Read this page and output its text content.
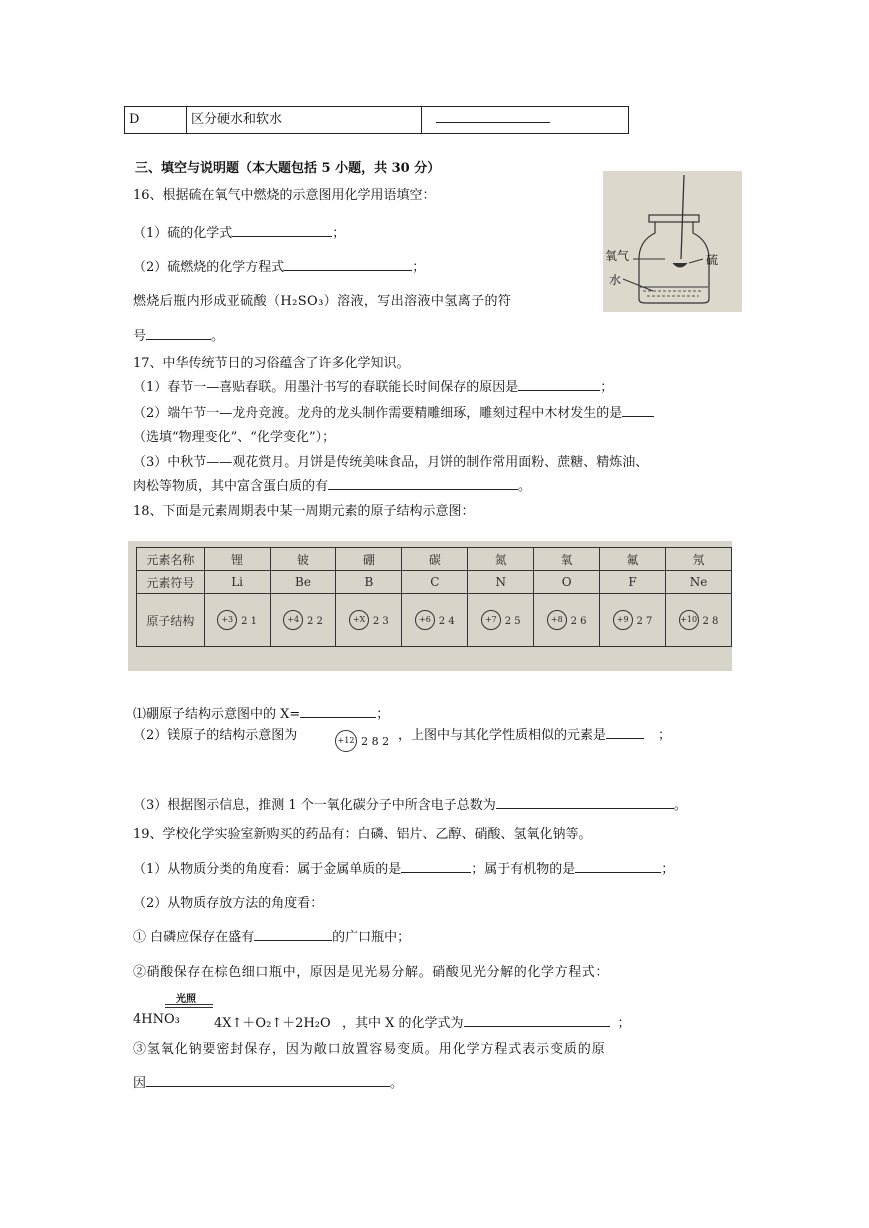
D	区分硬水和软水
三、填空与说明题（本大题包括 5 小题，共 30 分）
16、根据硫在氧气中燃烧的示意图用化学用语填空：
（1）硫的化学式	；
（2）硫燃烧的化学方程式	；
燃烧后瓶内形成亚硫酸（H₂SO₃）溶液，写出溶液中氢离子的符
号	。
氧气
水
硫
17、中华传统节日的习俗蕴含了许多化学知识。
（1）春节一—喜贴春联。用墨汁书写的春联能长时间保存的原因是	；
（2）端午节一—龙舟竞渡。龙舟的龙头制作需要精雕细琢，雕刻过程中木材发生的是
（选填“物理变化”、“化学变化”）；
（3）中秋节——观花赏月。月饼是传统美味食品，月饼的制作常用面粉、蔗糖、精炼油、
肉松等物质，其中富含蛋白质的有	。
18、下面是元素周期表中某一周期元素的原子结构示意图：
元素名称	锂	铍	硼	碳	氮	氧	氟	氖
元素符号	Li	Be	B	C	N	O	F	Ne
原子结构	+3 2 1	+4 2 2	+X 2 3	+6 2 4	+7 2 5	+8 2 6	+9 2 7	+10 2 8
⑴硼原子结构示意图中的 X=	；
（2）镁原子的结构示意图为	+12 2 8 2 ，上图中与其化学性质相似的元素是	；
（3）根据图示信息，推测 1 个一氧化碳分子中所含电子总数为	。
19、学校化学实验室新购买的药品有：白磷、铝片、乙醇、硝酸、氢氧化钠等。
（1）从物质分类的角度看：属于金属单质的是	；属于有机物的是	；
（2）从物质存放方法的角度看：
① 白磷应保存在盛有	的广口瓶中；
②硝酸保存在棕色细口瓶中，原因是见光易分解。硝酸见光分解的化学方程式：
光照
4HNO₃	4X↑＋O₂↑＋2H₂O ，其中 X 的化学式为	；
③氢氧化钠要密封保存，因为敞口放置容易变质。用化学方程式表示变质的原
因	。
